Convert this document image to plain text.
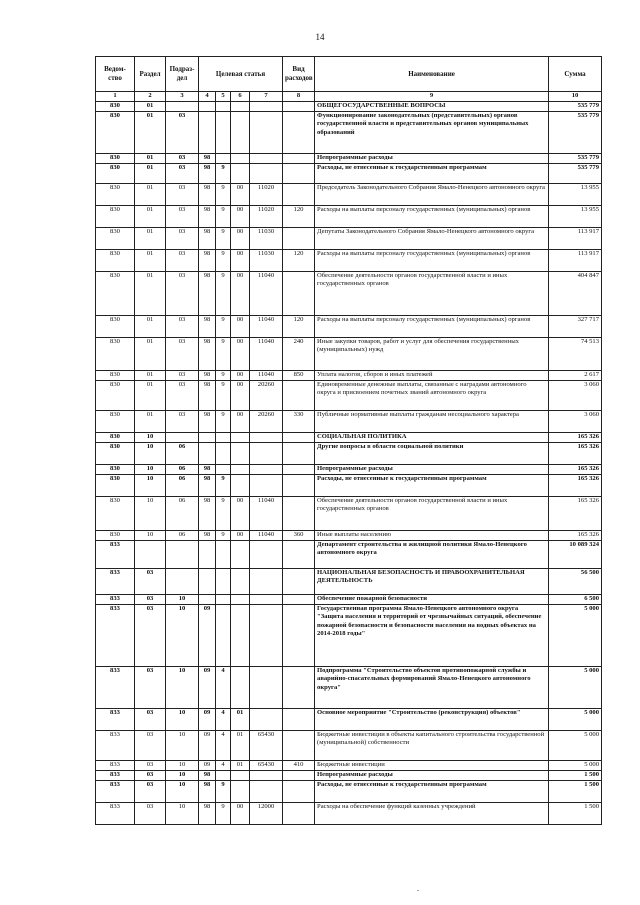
14
Ведом-ство	Раздел	Подраз-дел	Целевая статья				Вид расходов	Наименование	Сумма
1	2	3	4	5	6	7	8	9	10
830	01							ОБЩЕГОСУДАРСТВЕННЫЕ ВОПРОСЫ	535 779
830	01	03						Функционирование законодательных (представительных) органов государственной власти и представительных органов муниципальных образований	535 779
830	01	03	98					Непрограммные расходы	535 779
830	01	03	98	9				Расходы, не отнесенные к государственным программам	535 779
830	01	03	98	9	00	11020		Председатель Законодательного Собрания Ямало-Ненецкого автономного округа	13 955
830	01	03	98	9	00	11020	120	Расходы на выплаты персоналу государственных (муниципальных) органов	13 955
830	01	03	98	9	00	11030		Депутаты Законодательного Собрания Ямало-Ненецкого автономного округа	113 917
830	01	03	98	9	00	11030	120	Расходы на выплаты персоналу государственных (муниципальных) органов	113 917
830	01	03	98	9	00	11040		Обеспечение деятельности органов государственной власти и иных государственных органов	404 847
830	01	03	98	9	00	11040	120	Расходы на выплаты персоналу государственных (муниципальных) органов	327 717
830	01	03	98	9	00	11040	240	Иные закупки товаров, работ и услуг для обеспечения государственных (муниципальных) нужд	74 513
830	01	03	98	9	00	11040	850	Уплата налогов, сборов и иных платежей	2 617
830	01	03	98	9	00	20260		Единовременные денежные выплаты, связанные с наградами автономного округа и присвоением почетных званий автономного округа	3 060
830	01	03	98	9	00	20260	330	Публичные нормативные выплаты гражданам несоциального характера	3 060
830	10							СОЦИАЛЬНАЯ ПОЛИТИКА	165 326
830	10	06						Другие вопросы в области социальной политики	165 326
830	10	06	98					Непрограммные расходы	165 326
830	10	06	98	9				Расходы, не отнесенные к государственным программам	165 326
830	10	06	98	9	00	11040		Обеспечение деятельности органов государственной власти и иных государственных органов	165 326
830	10	06	98	9	00	11040	360	Иные выплаты населению	165 326
833								Департамент строительства и жилищной политики Ямало-Ненецкого автономного округа	10 089 324
833	03							НАЦИОНАЛЬНАЯ БЕЗОПАСНОСТЬ И ПРАВООХРАНИТЕЛЬНАЯ ДЕЯТЕЛЬНОСТЬ	56 500
833	03	10						Обеспечение пожарной безопасности	6 500
833	03	10	09					Государственная программа Ямало-Ненецкого автономного округа "Защита населения и территорий от чрезвычайных ситуаций, обеспечение пожарной безопасности и безопасности населения на водных объектах на 2014-2018 годы"	5 000
833	03	10	09	4				Подпрограмма "Строительство объектов противопожарной службы и аварийно-спасательных формирований Ямало-Ненецкого автономного округа"	5 000
833	03	10	09	4	01			Основное мероприятие "Строительство (реконструкция) объектов"	5 000
833	03	10	09	4	01	65430		Бюджетные инвестиции в объекты капитального строительства государственной (муниципальной) собственности	5 000
833	03	10	09	4	01	65430	410	Бюджетные инвестиции	5 000
833	03	10	98					Непрограммные расходы	1 500
833	03	10	98	9				Расходы, не отнесенные к государственным программам	1 500
833	03	10	98	9	00	12000		Расходы на обеспечение функций казенных учреждений	1 500
.
